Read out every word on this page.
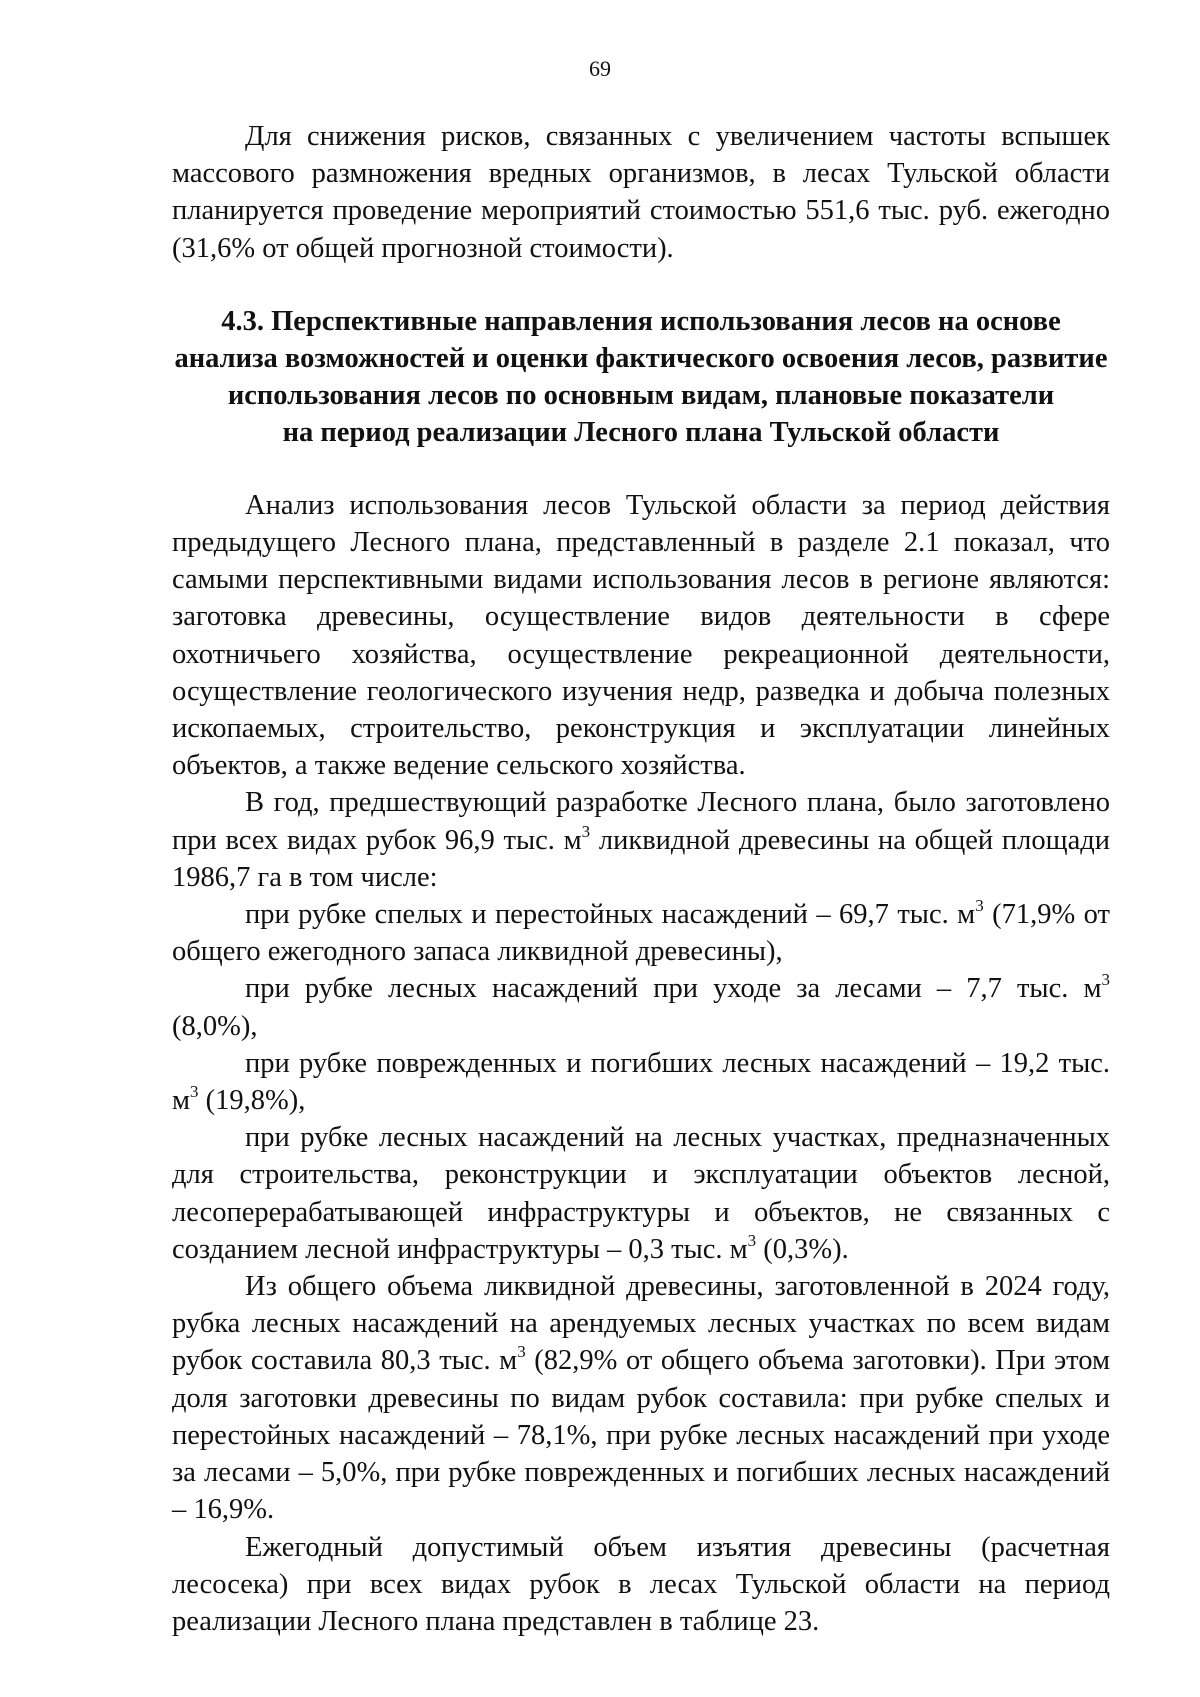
69

Для снижения рисков, связанных с увеличением частоты вспышек массового размножения вредных организмов, в лесах Тульской области планируется проведение мероприятий стоимостью 551,6 тыс. руб. ежегодно (31,6% от общей прогнозной стоимости).

4.3. Перспективные направления использования лесов на основе
анализа возможностей и оценки фактического освоения лесов, развитие
использования лесов по основным видам, плановые показатели
на период реализации Лесного плана Тульской области

Анализ использования лесов Тульской области за период действия предыдущего Лесного плана, представленный в разделе 2.1 показал, что самыми перспективными видами использования лесов в регионе являются: заготовка древесины, осуществление видов деятельности в сфере охотничьего хозяйства, осуществление рекреационной деятельности, осуществление геологического изучения недр, разведка и добыча полезных ископаемых, строительство, реконструкция и эксплуатации линейных объектов, а также ведение сельского хозяйства.

В год, предшествующий разработке Лесного плана, было заготовлено при всех видах рубок 96,9 тыс. $м^3$ ликвидной древесины на общей площади 1986,7 га в том числе:

при рубке спелых и перестойных насаждений – 69,7 тыс. $м^3$ (71,9% от общего ежегодного запаса ликвидной древесины),

при рубке лесных насаждений при уходе за лесами – 7,7 тыс. $м^3$ (8,0%),

при рубке поврежденных и погибших лесных насаждений – 19,2 тыс. $м^3$ (19,8%),

при рубке лесных насаждений на лесных участках, предназначенных для строительства, реконструкции и эксплуатации объектов лесной, лесоперерабатывающей инфраструктуры и объектов, не связанных с созданием лесной инфраструктуры – 0,3 тыс. $м^3$ (0,3%).

Из общего объема ликвидной древесины, заготовленной в 2024 году, рубка лесных насаждений на арендуемых лесных участках по всем видам рубок составила 80,3 тыс. $м^3$ (82,9% от общего объема заготовки). При этом доля заготовки древесины по видам рубок составила: при рубке спелых и перестойных насаждений – 78,1%, при рубке лесных насаждений при уходе за лесами – 5,0%, при рубке поврежденных и погибших лесных насаждений – 16,9%.

Ежегодный допустимый объем изъятия древесины (расчетная лесосека) при всех видах рубок в лесах Тульской области на период реализации Лесного плана представлен в таблице 23.
